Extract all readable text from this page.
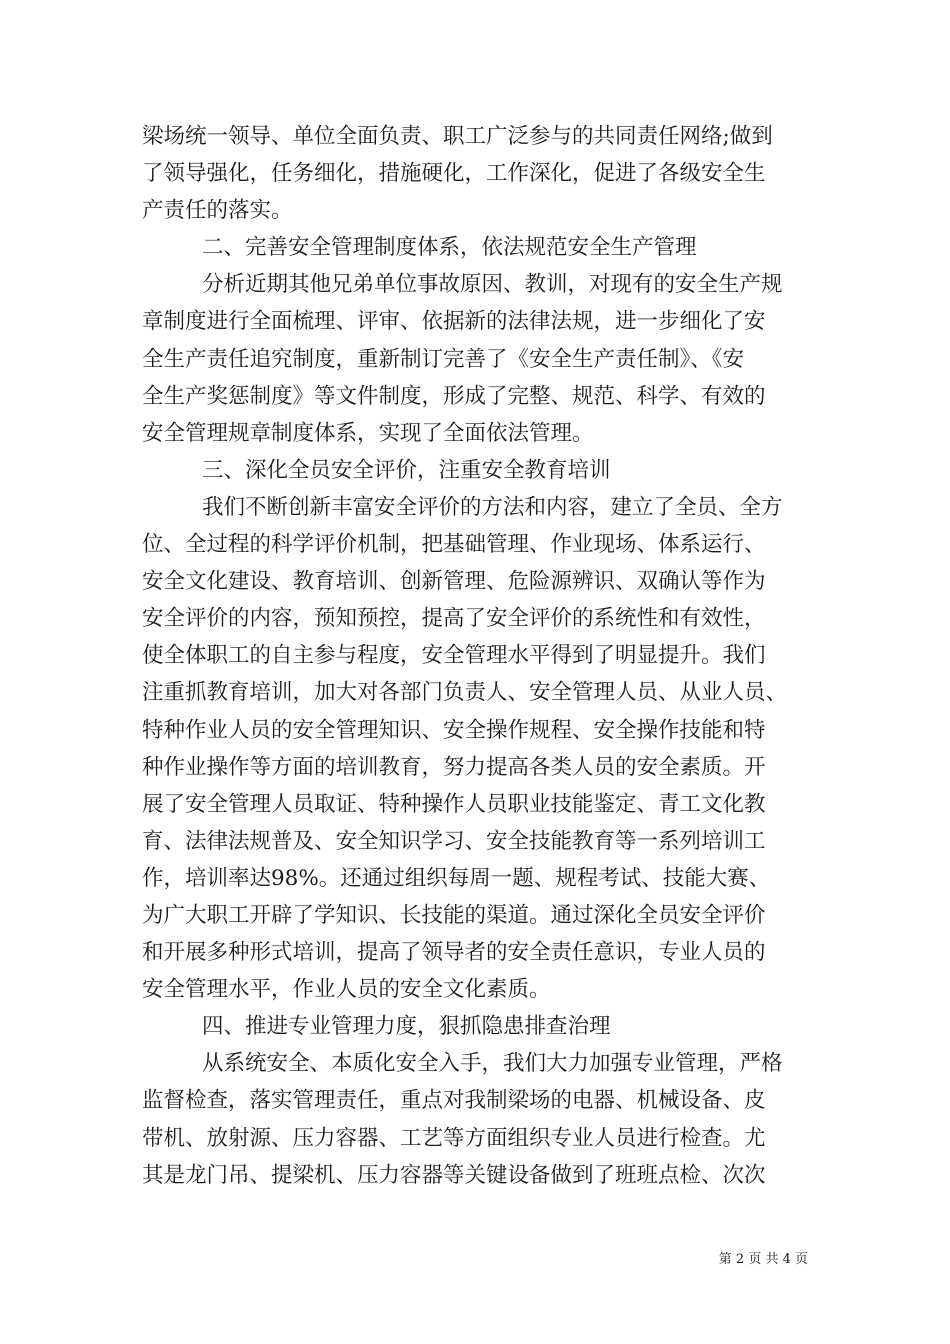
梁场统一领导、单位全面负责、职工广泛参与的共同责任网络;做到
了领导强化，任务细化，措施硬化，工作深化，促进了各级安全生
产责任的落实。
二、完善安全管理制度体系，依法规范安全生产管理
分析近期其他兄弟单位事故原因、教训，对现有的安全生产规
章制度进行全面梳理、评审、依据新的法律法规，进一步细化了安
全生产责任追究制度，重新制订完善了《安全生产责任制》、《安
全生产奖惩制度》等文件制度，形成了完整、规范、科学、有效的
安全管理规章制度体系，实现了全面依法管理。
三、深化全员安全评价，注重安全教育培训
我们不断创新丰富安全评价的方法和内容，建立了全员、全方
位、全过程的科学评价机制，把基础管理、作业现场、体系运行、
安全文化建设、教育培训、创新管理、危险源辨识、双确认等作为
安全评价的内容，预知预控，提高了安全评价的系统性和有效性，
使全体职工的自主参与程度，安全管理水平得到了明显提升。我们
注重抓教育培训，加大对各部门负责人、安全管理人员、从业人员、
特种作业人员的安全管理知识、安全操作规程、安全操作技能和特
种作业操作等方面的培训教育，努力提高各类人员的安全素质。开
展了安全管理人员取证、特种操作人员职业技能鉴定、青工文化教
育、法律法规普及、安全知识学习、安全技能教育等一系列培训工
作，培训率达98%。还通过组织每周一题、规程考试、技能大赛、
为广大职工开辟了学知识、长技能的渠道。通过深化全员安全评价
和开展多种形式培训，提高了领导者的安全责任意识，专业人员的
安全管理水平，作业人员的安全文化素质。
四、推进专业管理力度，狠抓隐患排查治理
从系统安全、本质化安全入手，我们大力加强专业管理，严格
监督检查，落实管理责任，重点对我制梁场的电器、机械设备、皮
带机、放射源、压力容器、工艺等方面组织专业人员进行检查。尤
其是龙门吊、提梁机、压力容器等关键设备做到了班班点检、次次
第 2 页 共 4 页
